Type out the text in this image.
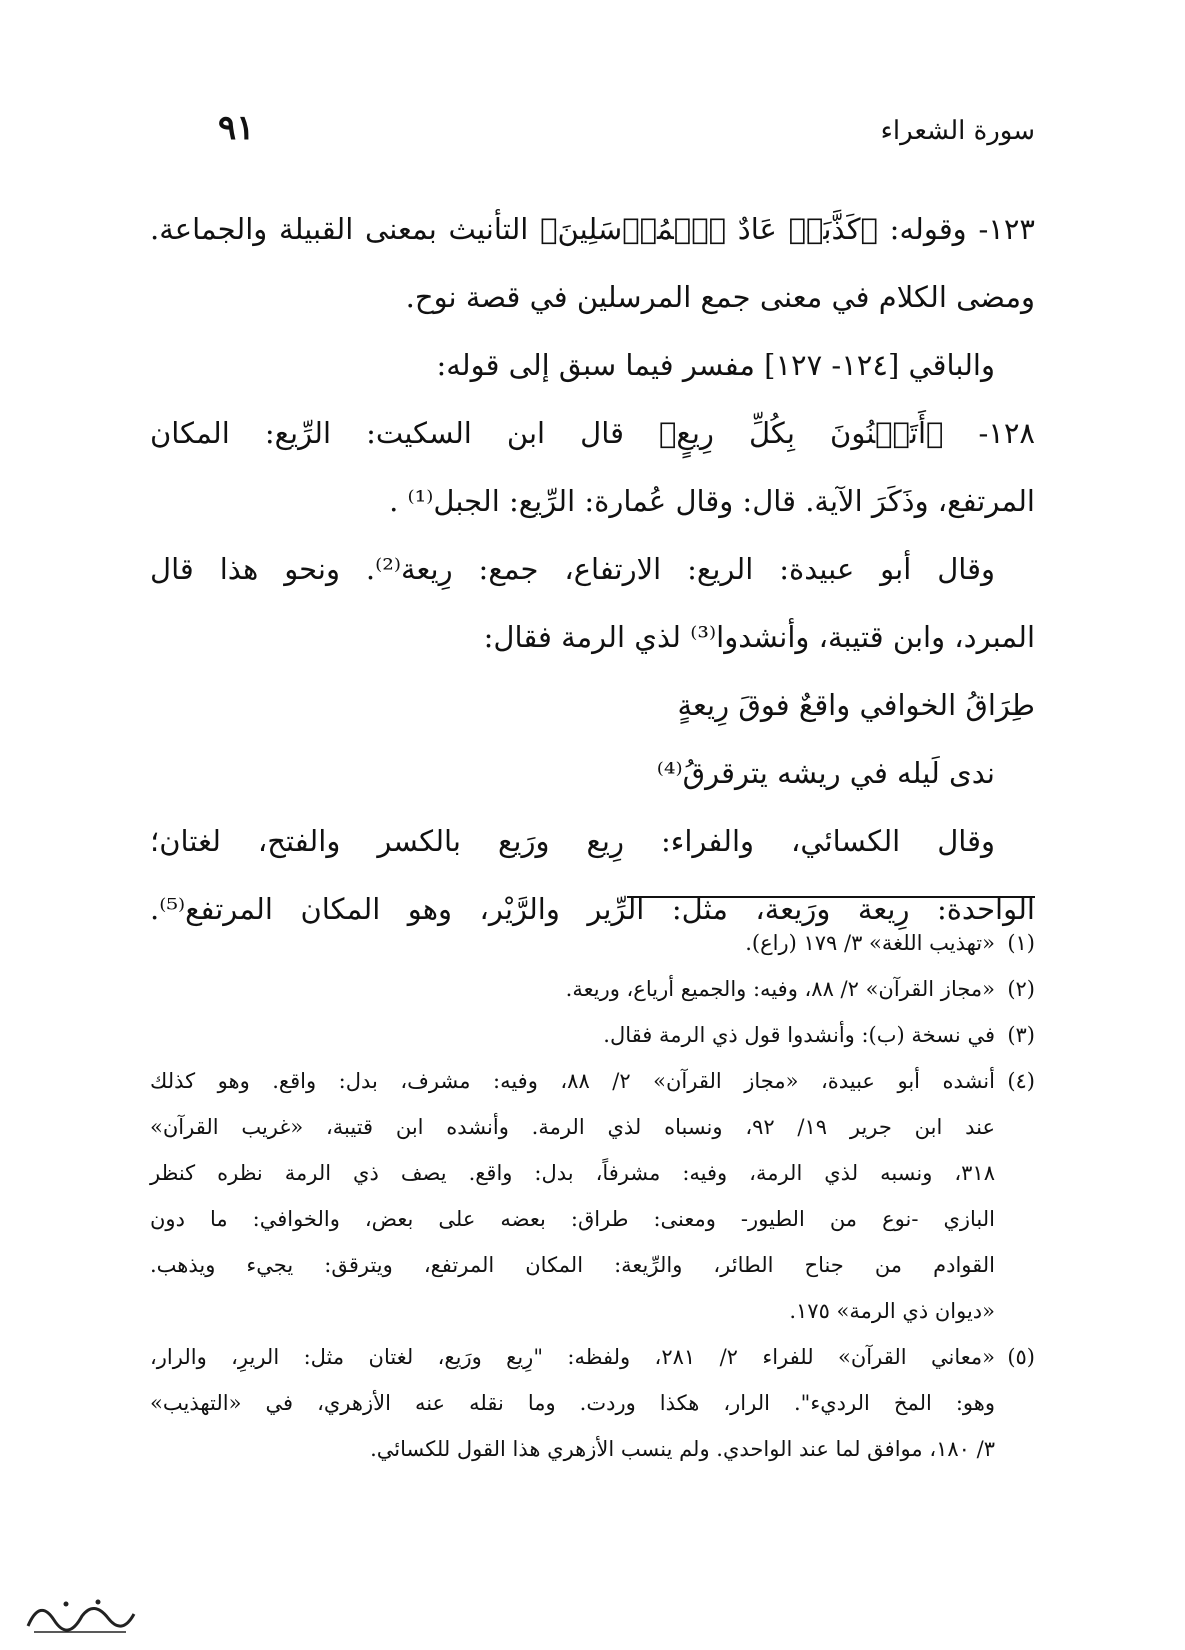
٩١	سورة الشعراء
١٢٣- وقوله: ﴿كَذَّبَتۡ عَادٌ ٱلۡمُرۡسَلِينَ﴾ التأنيث بمعنى القبيلة والجماعة.
ومضى الكلام في معنى جمع المرسلين في قصة نوح.
والباقي [١٢٤- ١٢٧] مفسر فيما سبق إلى قوله:
١٢٨- ﴿أَتَبۡنُونَ بِكُلِّ رِيعٍ﴾ قال ابن السكيت: الرِّيع: المكان
المرتفع، وذَكَرَ الآية. قال: وقال عُمارة: الرِّيع: الجبل⁽¹⁾ .
وقال أبو عبيدة: الريع: الارتفاع، جمع: رِيعة⁽²⁾. ونحو هذا قال
المبرد، وابن قتيبة، وأنشدوا⁽³⁾ لذي الرمة فقال:
طِرَاقُ الخوافي واقعٌ فوقَ رِيعةٍ
ندى لَيله في ريشه يترقرقُ⁽⁴⁾
وقال الكسائي، والفراء: رِيع ورَيع بالكسر والفتح، لغتان؛
الواحدة: رِيعة ورَيعة، مثل: الرِّير والرَّيْر، وهو المكان المرتفع⁽⁵⁾.
(١)
«تهذيب اللغة» ٣/ ١٧٩ (راع).
(٢)
«مجاز القرآن» ٢/ ٨٨، وفيه: والجميع أرياع، وريعة.
(٣)
في نسخة (ب): وأنشدوا قول ذي الرمة فقال.
(٤)
أنشده أبو عبيدة، «مجاز القرآن» ٢/ ٨٨، وفيه: مشرف، بدل: واقع. وهو كذلك
عند ابن جرير ١٩/ ٩٢، ونسباه لذي الرمة. وأنشده ابن قتيبة، «غريب القرآن»
٣١٨، ونسبه لذي الرمة، وفيه: مشرفاً، بدل: واقع. يصف ذي الرمة نظره كنظر
البازي -نوع من الطيور- ومعنى: طراق: بعضه على بعض، والخوافي: ما دون
القوادم من جناح الطائر، والرِّيعة: المكان المرتفع، ويترقق: يجيء ويذهب.
«ديوان ذي الرمة» ١٧٥.
(٥)
«معاني القرآن» للفراء ٢/ ٢٨١، ولفظه: "رِيع ورَيع، لغتان مثل: الريرِ، والرار،
وهو: المخ الرديء". الرار، هكذا وردت. وما نقله عنه الأزهري، في «التهذيب»
٣/ ١٨٠، موافق لما عند الواحدي. ولم ينسب الأزهري هذا القول للكسائي.
